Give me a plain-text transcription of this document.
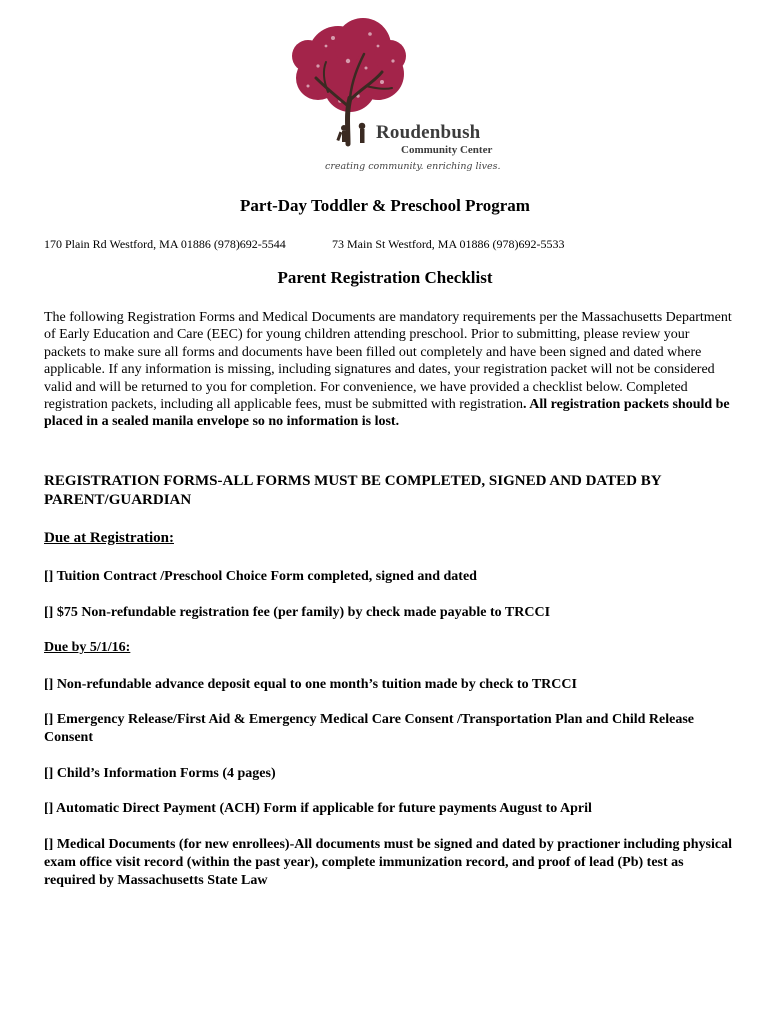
Roudenbush
Community Center
creating community. enriching lives.
Part-Day Toddler & Preschool Program
170 Plain Rd Westford, MA 01886 (978)692-5544	73 Main St Westford, MA 01886 (978)692-5533
Parent Registration Checklist
The following Registration Forms and Medical Documents are mandatory requirements per the Massachusetts Department of Early Education and Care (EEC) for young children attending preschool. Prior to submitting, please review your packets to make sure all forms and documents have been filled out completely and have been signed and dated where applicable. If any information is missing, including signatures and dates, your registration packet will not be considered valid and will be returned to you for completion. For convenience, we have provided a checklist below. Completed registration packets, including all applicable fees, must be submitted with registration. All registration packets should be placed in a sealed manila envelope so no information is lost.
REGISTRATION FORMS-ALL FORMS MUST BE COMPLETED, SIGNED AND DATED BY PARENT/GUARDIAN
Due at Registration:
[] Tuition Contract /Preschool Choice Form completed, signed and dated
[] $75 Non-refundable registration fee (per family) by check made payable to TRCCI
Due by 5/1/16:
[] Non-refundable advance deposit equal to one month’s tuition made by check to TRCCI
[] Emergency Release/First Aid & Emergency Medical Care Consent /Transportation Plan and Child Release Consent
[] Child’s Information Forms (4 pages)
[] Automatic Direct Payment (ACH) Form if applicable for future payments August to April
[] Medical Documents (for new enrollees)-All documents must be signed and dated by practioner including physical exam office visit record (within the past year), complete immunization record, and proof of lead (Pb) test as required by Massachusetts State Law
